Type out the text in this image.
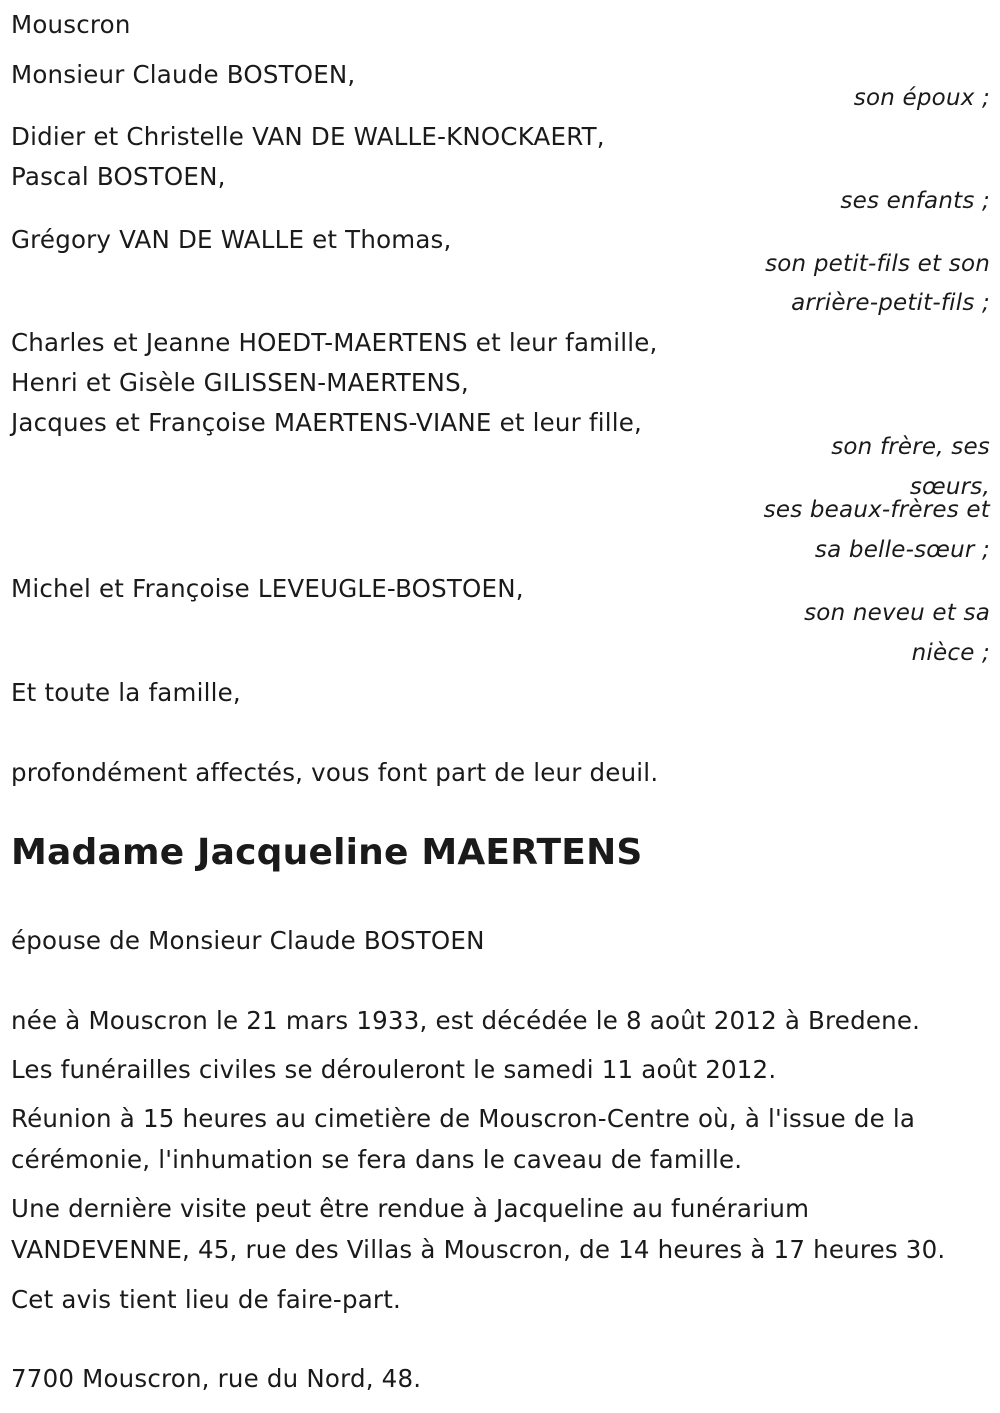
Mouscron
Monsieur Claude BOSTOEN,
son époux ;
Didier et Christelle VAN DE WALLE-KNOCKAERT,
Pascal BOSTOEN,
ses enfants ;
Grégory VAN DE WALLE et Thomas,
son petit-fils et son
arrière-petit-fils ;
Charles et Jeanne HOEDT-MAERTENS et leur famille,
Henri et Gisèle GILISSEN-MAERTENS,
Jacques et Françoise MAERTENS-VIANE et leur fille,
son frère, ses
sœurs,
ses beaux-frères et
sa belle-sœur ;
Michel et Françoise LEVEUGLE-BOSTOEN,
son neveu et sa
nièce ;
Et toute la famille,
profondément affectés, vous font part de leur deuil.
Madame Jacqueline MAERTENS
épouse de Monsieur Claude BOSTOEN
née à Mouscron le 21 mars 1933, est décédée le 8 août 2012 à Bredene.
Les funérailles civiles se dérouleront le samedi 11 août 2012.
Réunion à 15 heures au cimetière de Mouscron-Centre où, à l'issue de la
cérémonie, l'inhumation se fera dans le caveau de famille.
Une dernière visite peut être rendue à Jacqueline au funérarium
VANDEVENNE, 45, rue des Villas à Mouscron, de 14 heures à 17 heures 30.
Cet avis tient lieu de faire-part.
7700 Mouscron, rue du Nord, 48.
